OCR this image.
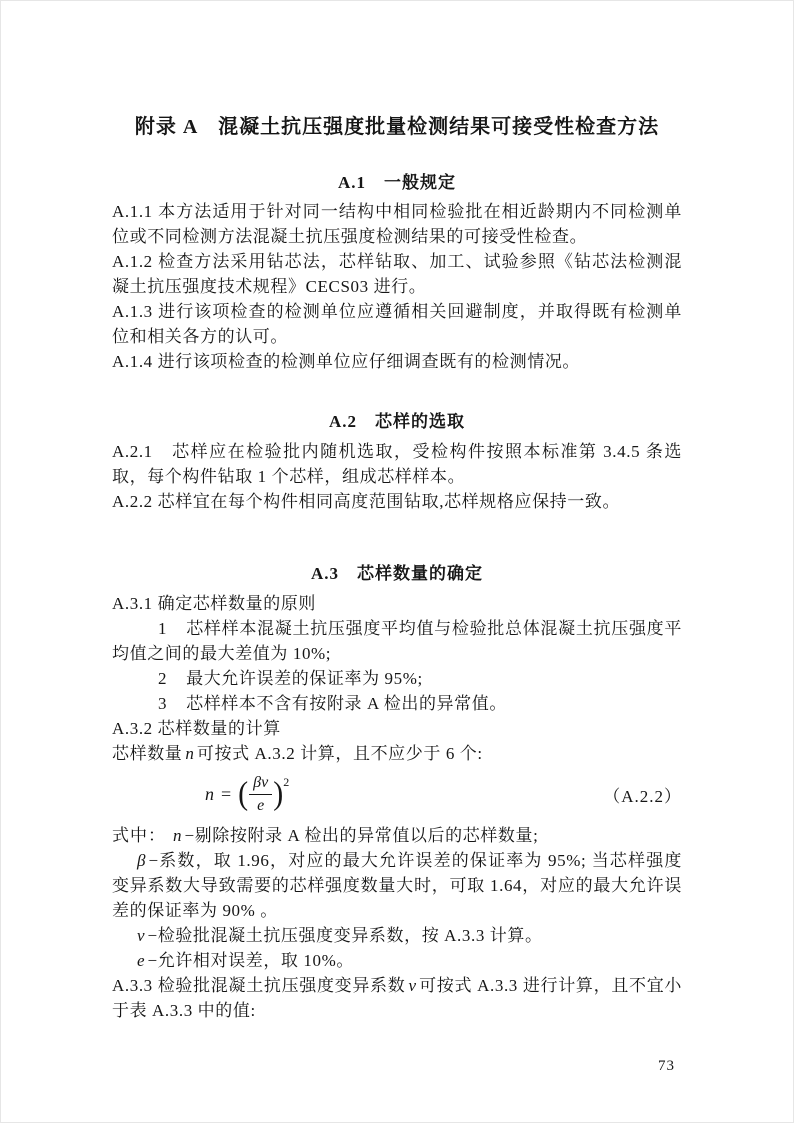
附录 A　混凝土抗压强度批量检测结果可接受性检查方法
A.1　一般规定

A.1.1 本方法适用于针对同一结构中相同检验批在相近龄期内不同检测单位或不同检测方法混凝土抗压强度检测结果的可接受性检查。

A.1.2 检查方法采用钻芯法，芯样钻取、加工、试验参照《钻芯法检测混凝土抗压强度技术规程》CECS03 进行。

A.1.3 进行该项检查的检测单位应遵循相关回避制度，并取得既有检测单位和相关各方的认可。

A.1.4 进行该项检查的检测单位应仔细调查既有的检测情况。

A.2　芯样的选取

A.2.1　芯样应在检验批内随机选取，受检构件按照本标准第 3.4.5 条选取，每个构件钻取 1 个芯样，组成芯样样本。

A.2.2 芯样宜在每个构件相同高度范围钻取,芯样规格应保持一致。

A.3　芯样数量的确定

A.3.1 确定芯样数量的原则

1 芯样样本混凝土抗压强度平均值与检验批总体混凝土抗压强度平均值之间的最大差值为 10%;

2 最大允许误差的保证率为 95%;

3 芯样样本不含有按附录 A 检出的异常值。

A.3.2 芯样数量的计算

芯样数量 n 可按式 A.3.2 计算，且不应少于 6 个:

n = ( $\frac{\beta v}{e}$ ) 2
（A.2.2）

式中： n −剔除按附录 A 检出的异常值以后的芯样数量;

β −系数，取 1.96，对应的最大允许误差的保证率为 95%; 当芯样强度变异系数大导致需要的芯样强度数量大时，可取 1.64，对应的最大允许误差的保证率为 90% 。

v −检验批混凝土抗压强度变异系数，按 A.3.3 计算。

e −允许相对误差，取 10%。

A.3.3 检验批混凝土抗压强度变异系数 v 可按式 A.3.3 进行计算，且不宜小于表 A.3.3 中的值:

73
